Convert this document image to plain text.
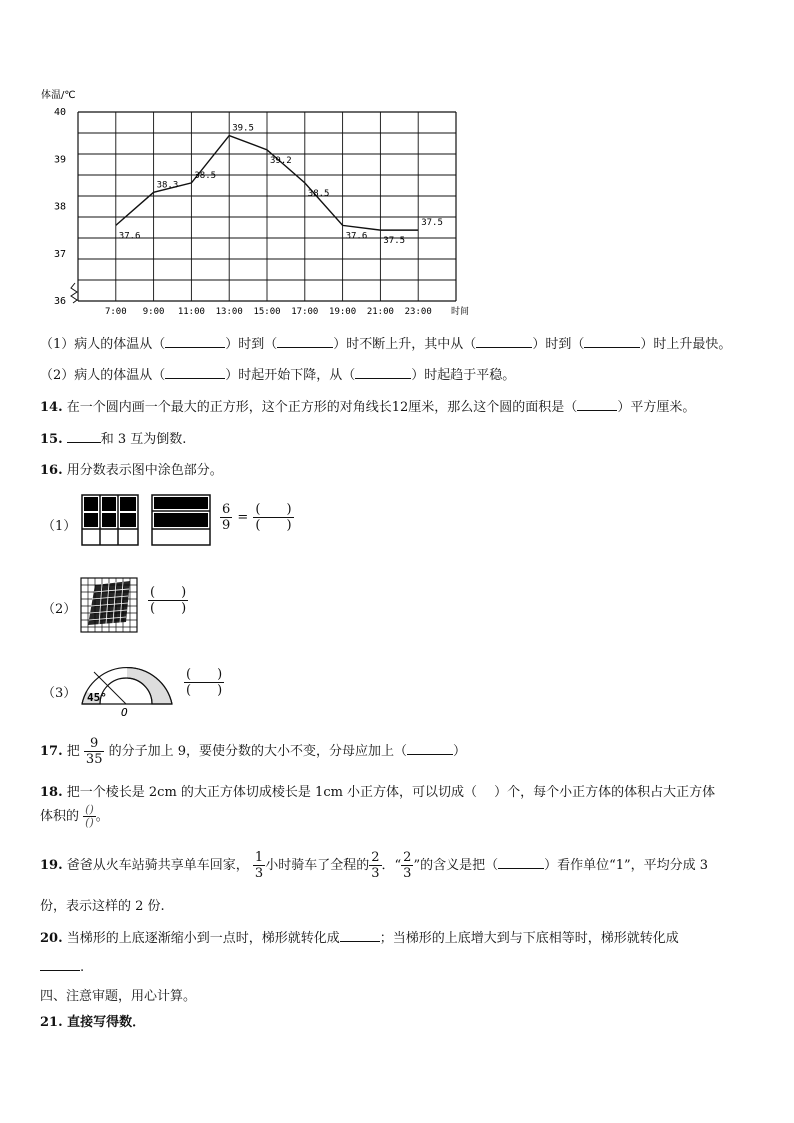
体温/℃
40
39
38
37
36
7:00 9:00 11:00 13:00 15:00 17:00 19:00 21:00 23:00
37.6
38.3
38.5
39.5
39.2
38.5
37.6 37.5
37.5
时间
（1）病人的体温从（	）时到（	）时不断上升，其中从（	）时到（	）时上升最快。
（2）病人的体温从（	）时起开始下降，从（	）时起趋于平稳。
14. 在一个圆内画一个最大的正方形，这个正方形的对角线长12厘米，那么这个圆的面积是（	）平方厘米。
15.	和 3 互为倒数.
16. 用分数表示图中涂色部分。
（1）	$\frac{6}{9} = \frac{( )}{( )}$
（2）	$\frac{( )}{( )}$
（3） 45°
O
$\frac{( )}{( )}$
17. 把 $\frac{9}{35}$ 的分子加上 9，要使分数的大小不变，分母应加上（	）
18. 把一个棱长是 2cm 的大正方体切成棱长是 1cm 小正方体，可以切成（　 ）个，每个小正方体的体积占大正方体
体积的 $\frac{()}{()}$ 。
19. 爸爸从火车站骑共享单车回家， $\frac{1}{3}$ 小时骑车了全程的 $\frac{2}{3}$ ．“ $\frac{2}{3}$ ”的含义是把（	）看作单位“1”，平均分成 3
份，表示这样的 2 份.
20. 当梯形的上底逐渐缩小到一点时，梯形就转化成	；当梯形的上底增大到与下底相等时，梯形就转化成
.
四、注意审题，用心计算。
21. 直接写得数．
